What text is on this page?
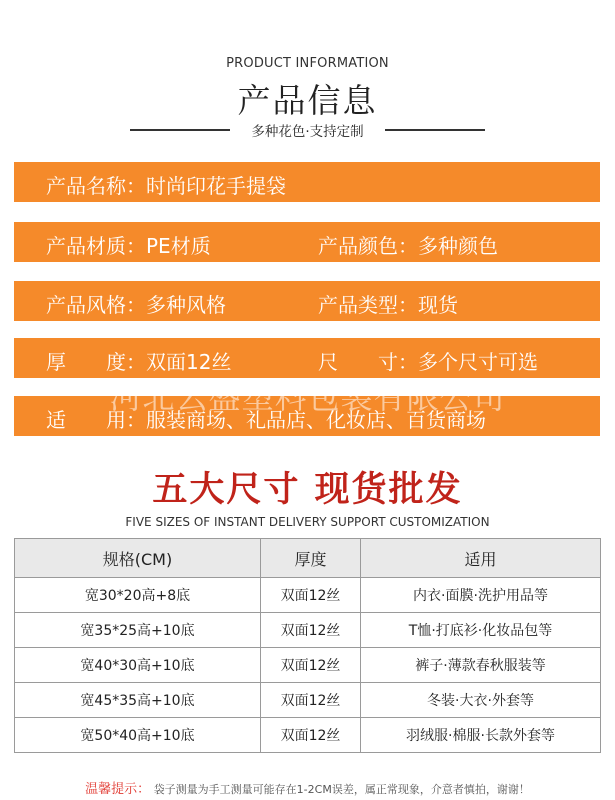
PRODUCT INFORMATION
产品信息
多种花色·支持定制
产品名称：时尚印花手提袋
产品材质：PE材质	产品颜色：多种颜色
产品风格：多种风格	产品类型：现货
厚　　度：双面12丝	尺　　寸：多个尺寸可选
适　　用：服装商场、礼品店、化妆店、百货商场
河北云盛塑料包装有限公司
五大尺寸 现货批发
FIVE SIZES OF INSTANT DELIVERY SUPPORT CUSTOMIZATION
规格(CM)	厚度	适用
宽30*20高+8底	双面12丝	内衣·面膜·洗护用品等
宽35*25高+10底	双面12丝	T恤·打底衫·化妆品包等
宽40*30高+10底	双面12丝	裤子·薄款春秋服装等
宽45*35高+10底	双面12丝	冬装·大衣·外套等
宽50*40高+10底	双面12丝	羽绒服·棉服·长款外套等
温馨提示： 袋子测量为手工测量可能存在1-2CM误差，属正常现象，介意者慎拍，谢谢！
